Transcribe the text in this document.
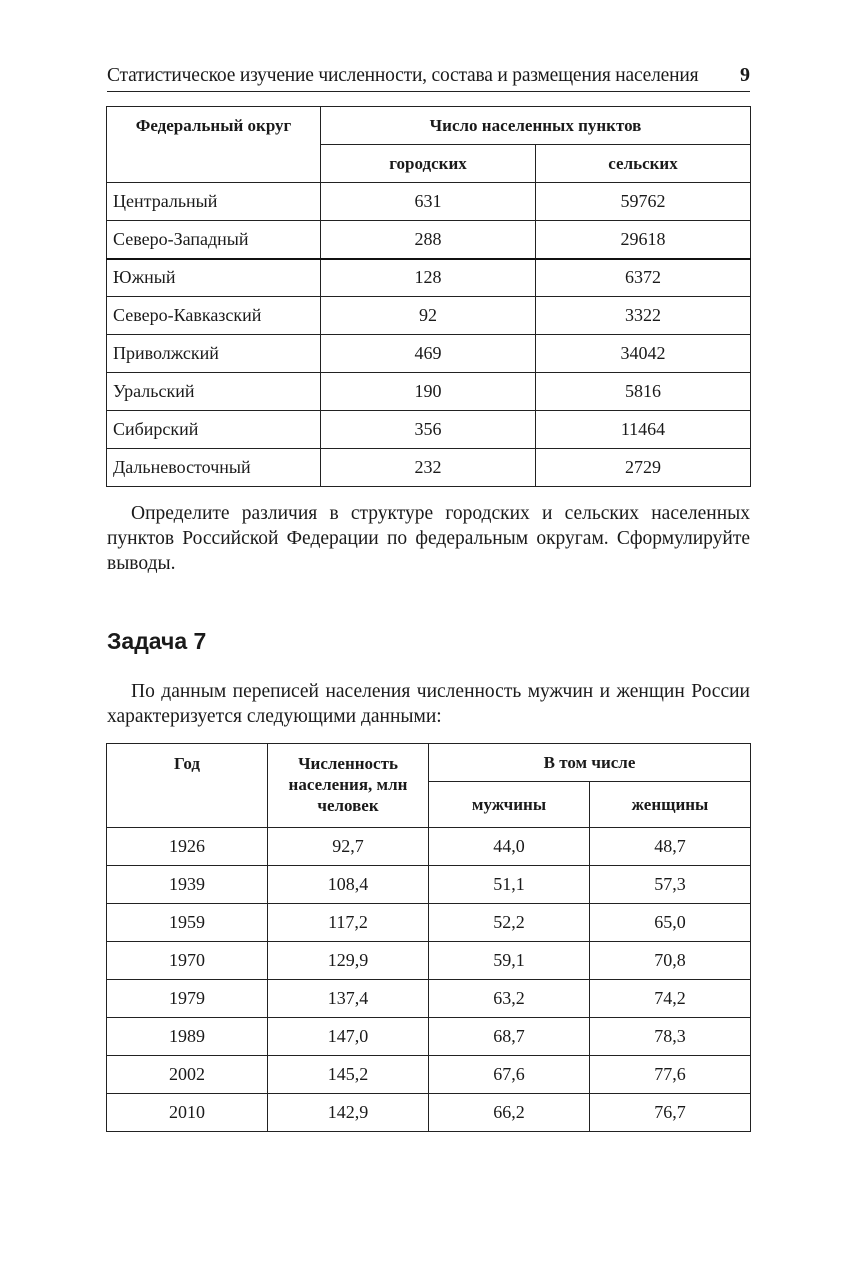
Статистическое изучение численности, состава и размещения населения 9
Федеральный округ	Число населенных пунктов	
	городских	сельских
Центральный	631	59762
Северо-Западный	288	29618
Южный	128	6372
Северо-Кавказский	92	3322
Приволжский	469	34042
Уральский	190	5816
Сибирский	356	11464
Дальневосточный	232	2729

Определите различия в структуре городских и сельских населенных пунктов Российской Федерации по федеральным округам. Сформулируйте выводы.

Задача 7

По данным переписей населения численность мужчин и женщин России характеризуется следующими данными:

Год	Численность населения, млн человек	В том числе	
		мужчины	женщины
1926	92,7	44,0	48,7
1939	108,4	51,1	57,3
1959	117,2	52,2	65,0
1970	129,9	59,1	70,8
1979	137,4	63,2	74,2
1989	147,0	68,7	78,3
2002	145,2	67,6	77,6
2010	142,9	66,2	76,7
